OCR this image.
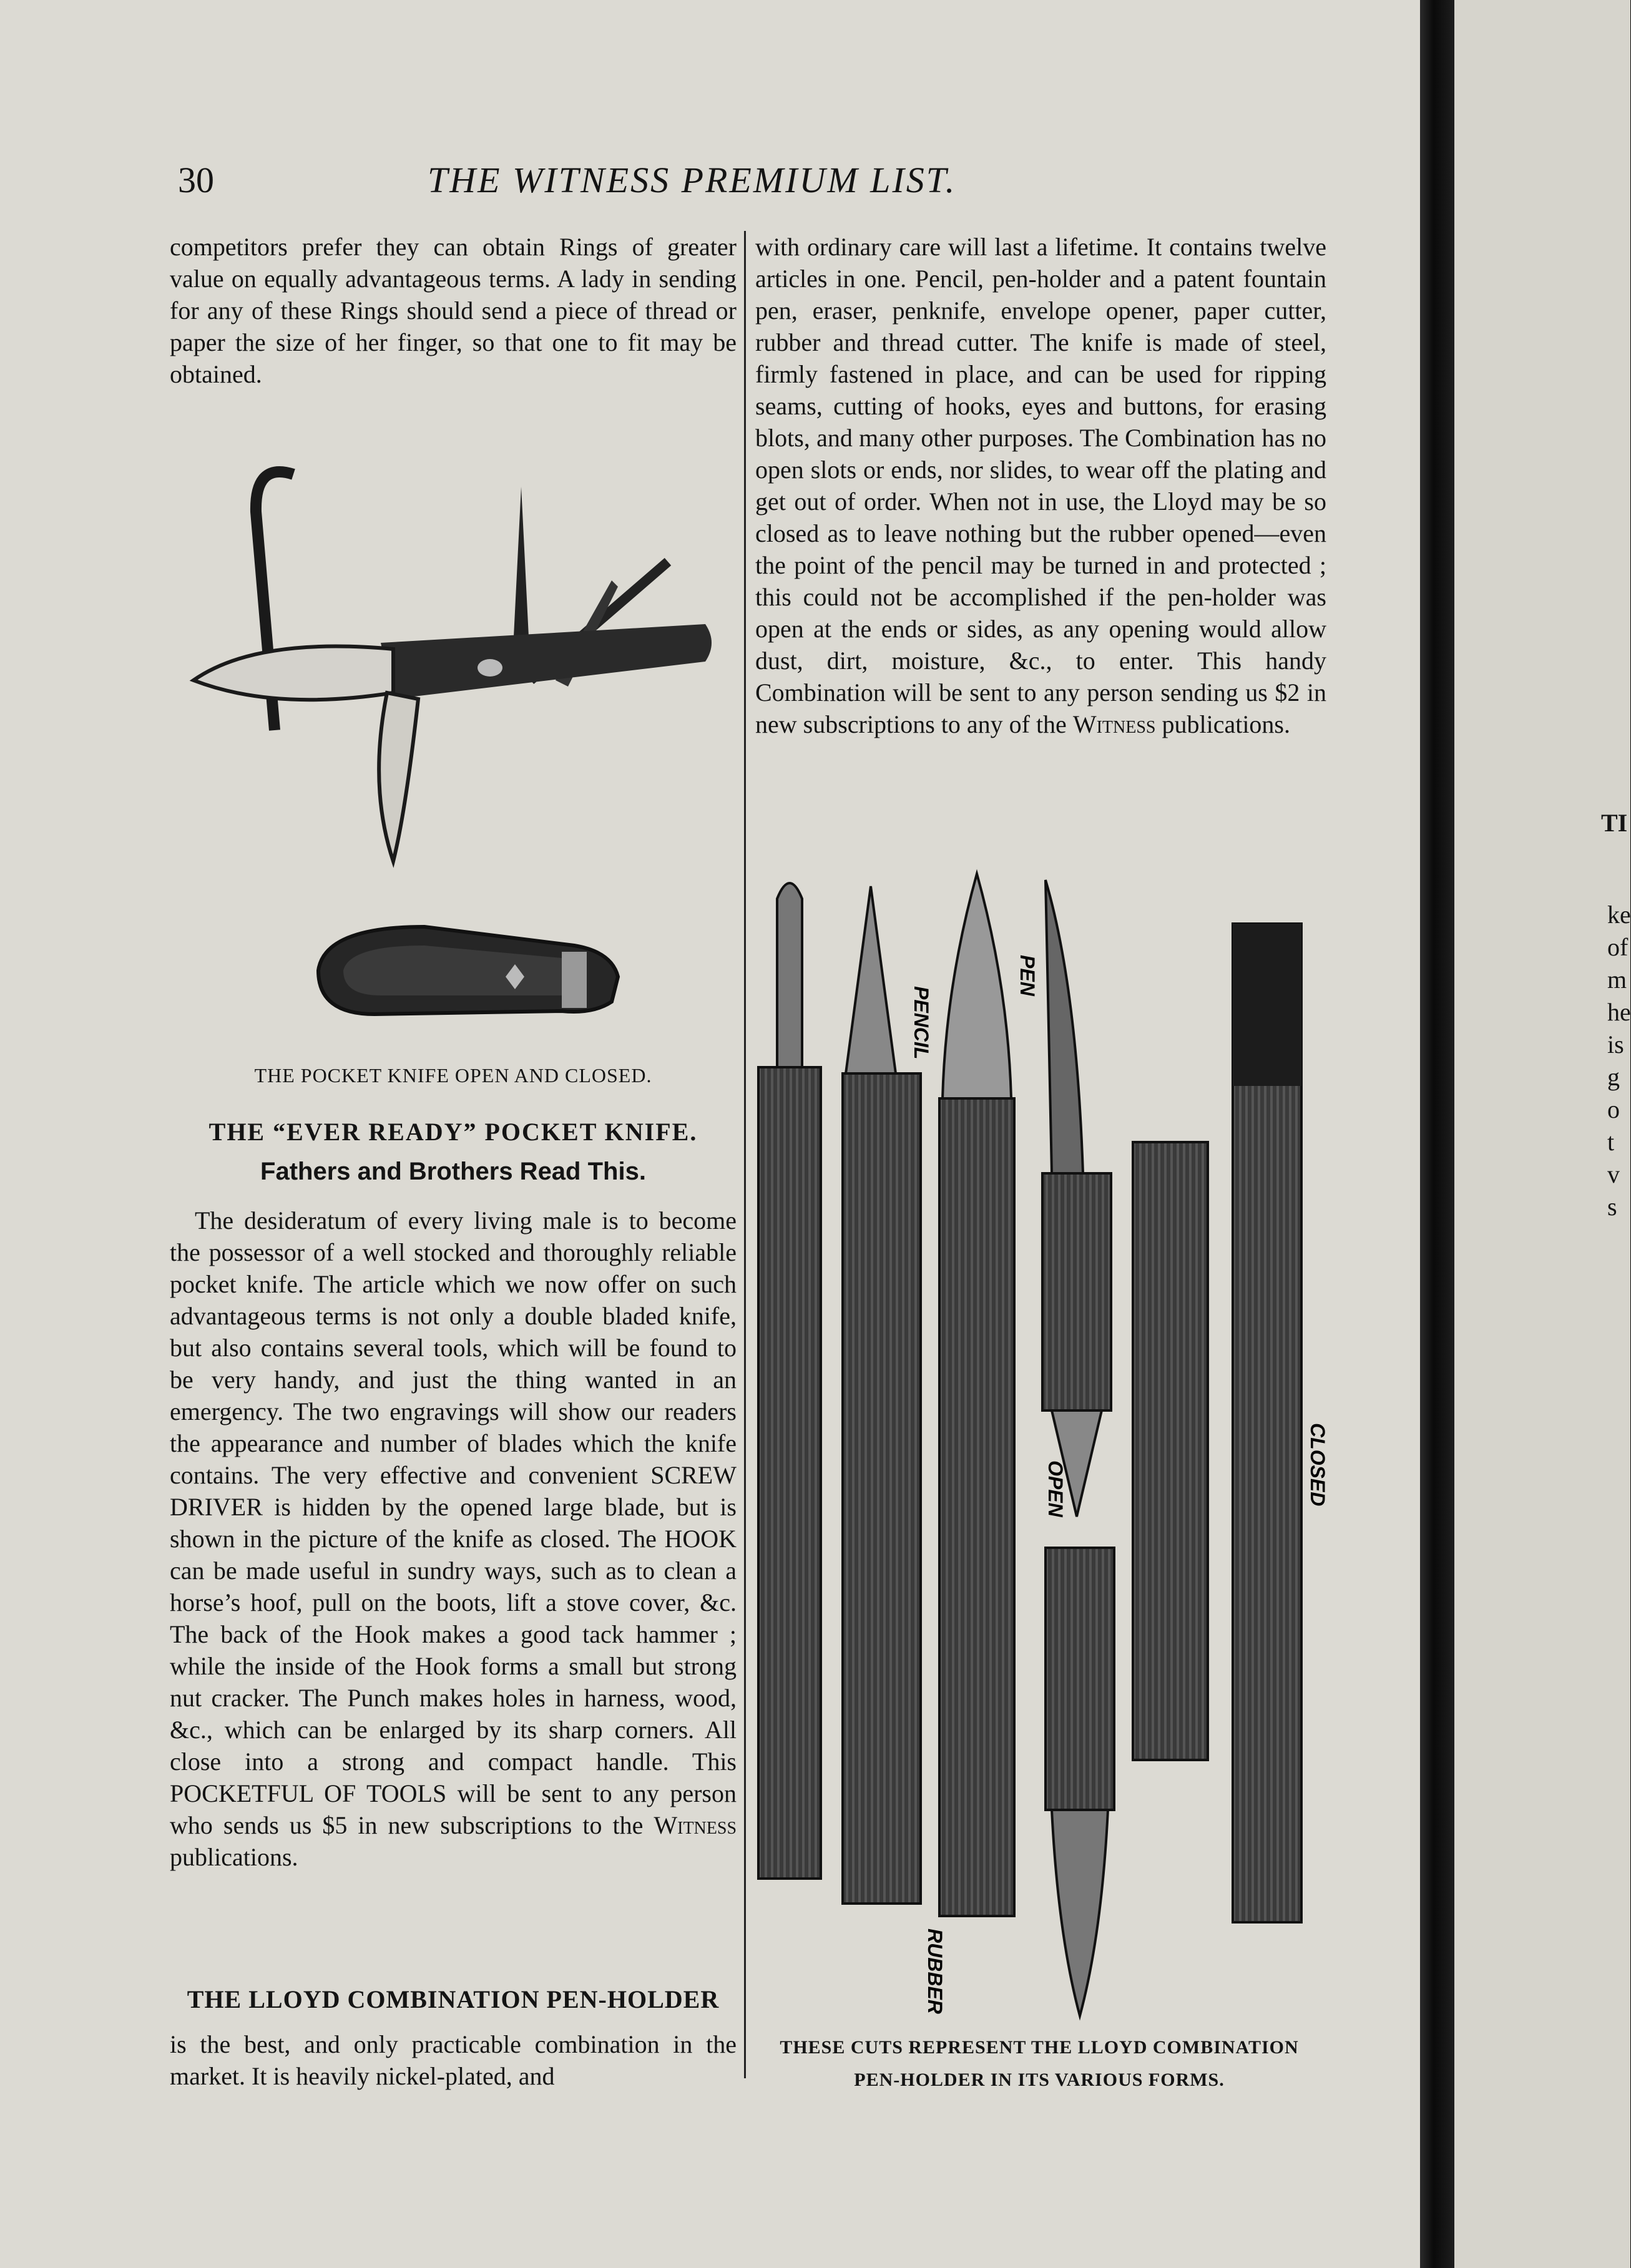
30	THE WITNESS PREMIUM LIST.

competitors prefer they can obtain Rings of greater value on equally advantageous terms. A lady in sending for any of these Rings should send a piece of thread or paper the size of her finger, so that one to fit may be obtained.

THE POCKET KNIFE OPEN AND CLOSED.
THE “EVER READY” POCKET KNIFE.
Fathers and Brothers Read This.

The desideratum of every living male is to become the possessor of a well stocked and thoroughly reliable pocket knife. The article which we now offer on such advantageous terms is not only a double bladed knife, but also contains several tools, which will be found to be very handy, and just the thing wanted in an emergency. The two engravings will show our readers the appearance and number of blades which the knife contains. The very effective and convenient SCREW DRIVER is hidden by the opened large blade, but is shown in the picture of the knife as closed. The HOOK can be made useful in sundry ways, such as to clean a horse’s hoof, pull on the boots, lift a stove cover, &c. The back of the Hook makes a good tack hammer ; while the inside of the Hook forms a small but strong nut cracker. The Punch makes holes in harness, wood, &c., which can be enlarged by its sharp corners. All close into a strong and compact handle. This POCKETFUL OF TOOLS will be sent to any person who sends us $5 in new subscriptions to the Witness publications.

THE LLOYD COMBINATION PEN-HOLDER

is the best, and only practicable combination in the market. It is heavily nickel-plated, and

with ordinary care will last a lifetime. It contains twelve articles in one. Pencil, pen-holder and a patent fountain pen, eraser, penknife, envelope opener, paper cutter, rubber and thread cutter. The knife is made of steel, firmly fastened in place, and can be used for ripping seams, cutting of hooks, eyes and buttons, for erasing blots, and many other purposes. The Combination has no open slots or ends, nor slides, to wear off the plating and get out of order. When not in use, the Lloyd may be so closed as to leave nothing but the rubber opened—even the point of the pencil may be turned in and protected ; this could not be accomplished if the pen-holder was open at the ends or sides, as any opening would allow dust, dirt, moisture, &c., to enter. This handy Combination will be sent to any person sending us $2 in new subscriptions to any of the Witness publications.

PENCIL
PEN
OPEN	CLOSED
RUBBER
THESE CUTS REPRESENT THE LLOYD COMBINATION
PEN-HOLDER IN ITS VARIOUS FORMS.
TI
ke
of
m
he
is
g
o
t
v
s
